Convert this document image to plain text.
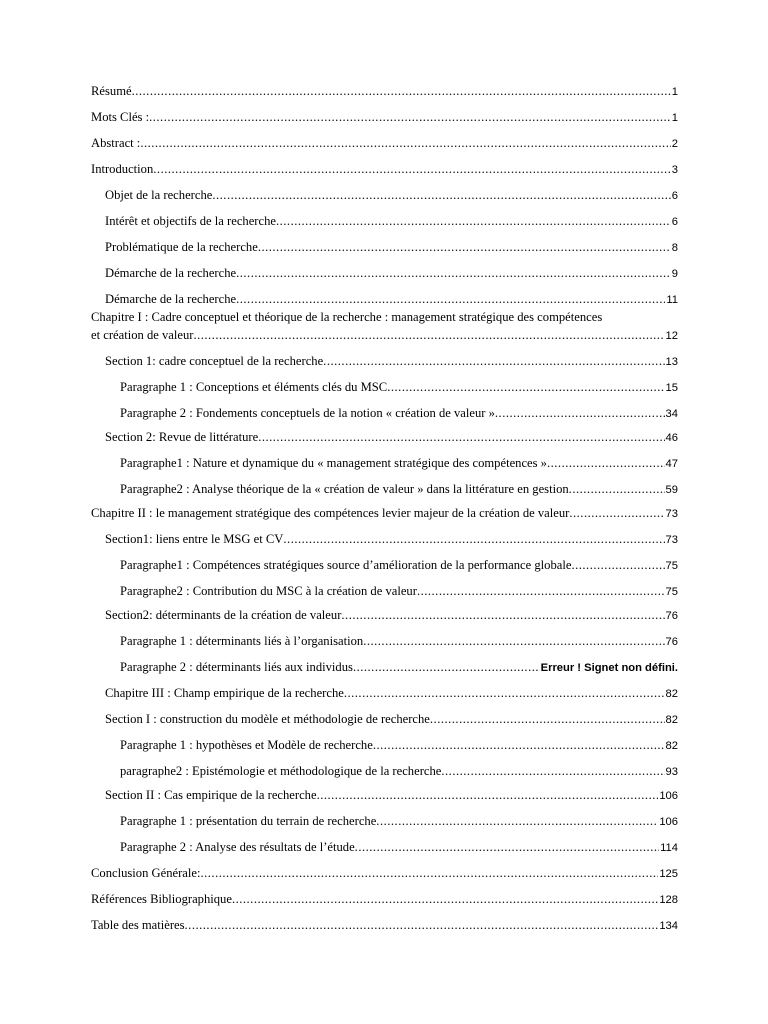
Résumé .....	1
Mots Clés : .....	1
Abstract : .....	2
Introduction .....	3
Objet de la recherche .....	6
Intérêt et objectifs de la recherche .....	6
Problématique de la recherche .....	8
Démarche de la recherche .....	9
Démarche de la recherche .....	11
Chapitre I : Cadre conceptuel et théorique de la recherche : management stratégique des compétences
et création de valeur .....	12
Section 1: cadre conceptuel de la recherche .....	13
Paragraphe 1 : Conceptions et éléments clés du MSC .....	15
Paragraphe 2 : Fondements conceptuels de la notion « création de valeur » .....	34
Section 2: Revue de littérature .....	46
Paragraphe1 : Nature et dynamique du « management stratégique des compétences » .....	47
Paragraphe2 : Analyse théorique de la « création de valeur » dans la littérature en gestion .....	59
Chapitre II : le management stratégique des compétences levier majeur de la création de valeur .....	73
Section1: liens entre le MSG et CV .....	73
Paragraphe1 : Compétences stratégiques source d’amélioration de la performance globale .....	75
Paragraphe2 : Contribution du MSC à la création de valeur .....	75
Section2: déterminants de la création de valeur .....	76
Paragraphe 1 : déterminants liés à l’organisation .....	76
Paragraphe 2 : déterminants liés aux individus .....	Erreur ! Signet non défini.
Chapitre III : Champ empirique de la recherche .....	82
Section I : construction du modèle et méthodologie de recherche .....	82
Paragraphe 1 : hypothèses et Modèle de recherche .....	82
paragraphe2 : Epistémologie et méthodologique de la recherche .....	93
Section II : Cas empirique de la recherche .....	106
Paragraphe 1 : présentation du terrain de recherche .....	106
Paragraphe 2 : Analyse des résultats de l’étude .....	114
Conclusion Générale: .....	125
Références Bibliographique .....	128
Table des matières .....	134
